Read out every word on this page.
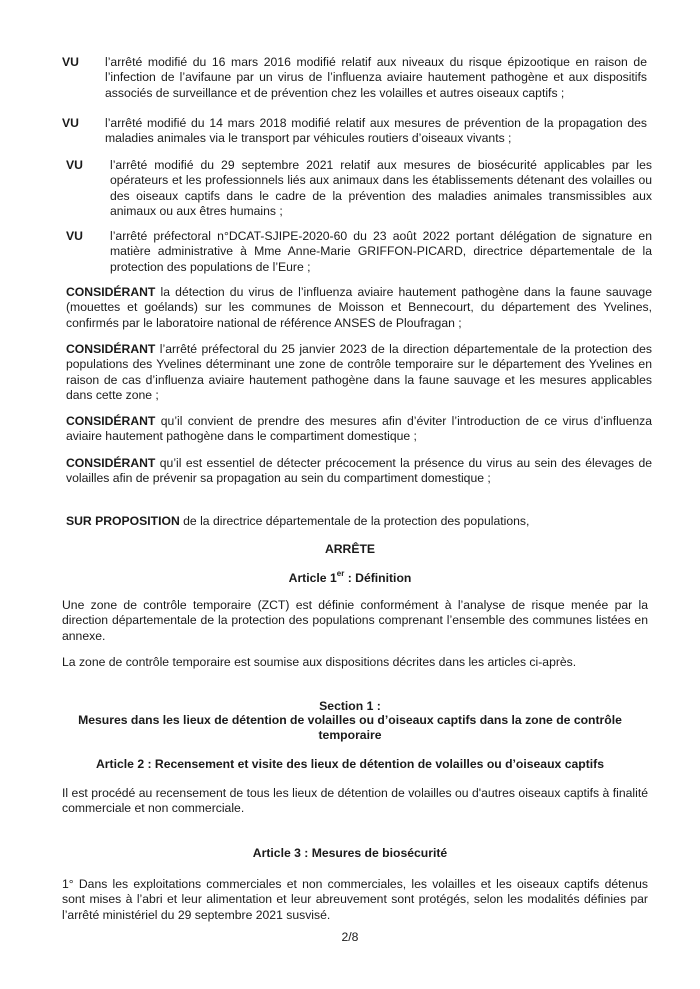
VU l’arrêté modifié du 16 mars 2016 modifié relatif aux niveaux du risque épizootique en raison de l’infection de l’avifaune par un virus de l’influenza aviaire hautement pathogène et aux dispositifs associés de surveillance et de prévention chez les volailles et autres oiseaux captifs ;
VU l’arrêté modifié du 14 mars 2018 modifié relatif aux mesures de prévention de la propagation des maladies animales via le transport par véhicules routiers d’oiseaux vivants ;
VU l’arrêté modifié du 29 septembre 2021 relatif aux mesures de biosécurité applicables par les opérateurs et les professionnels liés aux animaux dans les établissements détenant des volailles ou des oiseaux captifs dans le cadre de la prévention des maladies animales transmissibles aux animaux ou aux êtres humains ;
VU l’arrêté préfectoral n°DCAT-SJIPE-2020-60 du 23 août 2022 portant délégation de signature en matière administrative à Mme Anne-Marie GRIFFON-PICARD, directrice départementale de la protection des populations de l’Eure ;
CONSIDÉRANT la détection du virus de l’influenza aviaire hautement pathogène dans la faune sauvage (mouettes et goélands) sur les communes de Moisson et Bennecourt, du département des Yvelines, confirmés par le laboratoire national de référence ANSES de Ploufragan ;
CONSIDÉRANT l’arrêté préfectoral du 25 janvier 2023 de la direction départementale de la protection des populations des Yvelines déterminant une zone de contrôle temporaire sur le département des Yvelines en raison de cas d’influenza aviaire hautement pathogène dans la faune sauvage et les mesures applicables dans cette zone ;
CONSIDÉRANT qu’il convient de prendre des mesures afin d’éviter l’introduction de ce virus d’influenza aviaire hautement pathogène dans le compartiment domestique ;
CONSIDÉRANT qu’il est essentiel de détecter précocement la présence du virus au sein des élevages de volailles afin de prévenir sa propagation au sein du compartiment domestique ;
SUR PROPOSITION de la directrice départementale de la protection des populations,
ARRÊTE
Article 1er : Définition
Une zone de contrôle temporaire (ZCT) est définie conformément à l’analyse de risque menée par la direction départementale de la protection des populations comprenant l’ensemble des communes listées en annexe.
La zone de contrôle temporaire est soumise aux dispositions décrites dans les articles ci-après.
Section 1 :
Mesures dans les lieux de détention de volailles ou d’oiseaux captifs dans la zone de contrôle
temporaire
Article 2 : Recensement et visite des lieux de détention de volailles ou d’oiseaux captifs
Il est procédé au recensement de tous les lieux de détention de volailles ou d'autres oiseaux captifs à finalité commerciale et non commerciale.
Article 3 : Mesures de biosécurité
1° Dans les exploitations commerciales et non commerciales, les volailles et les oiseaux captifs détenus sont mises à l’abri et leur alimentation et leur abreuvement sont protégés, selon les modalités définies par l’arrêté ministériel du 29 septembre 2021 susvisé.
2/8
